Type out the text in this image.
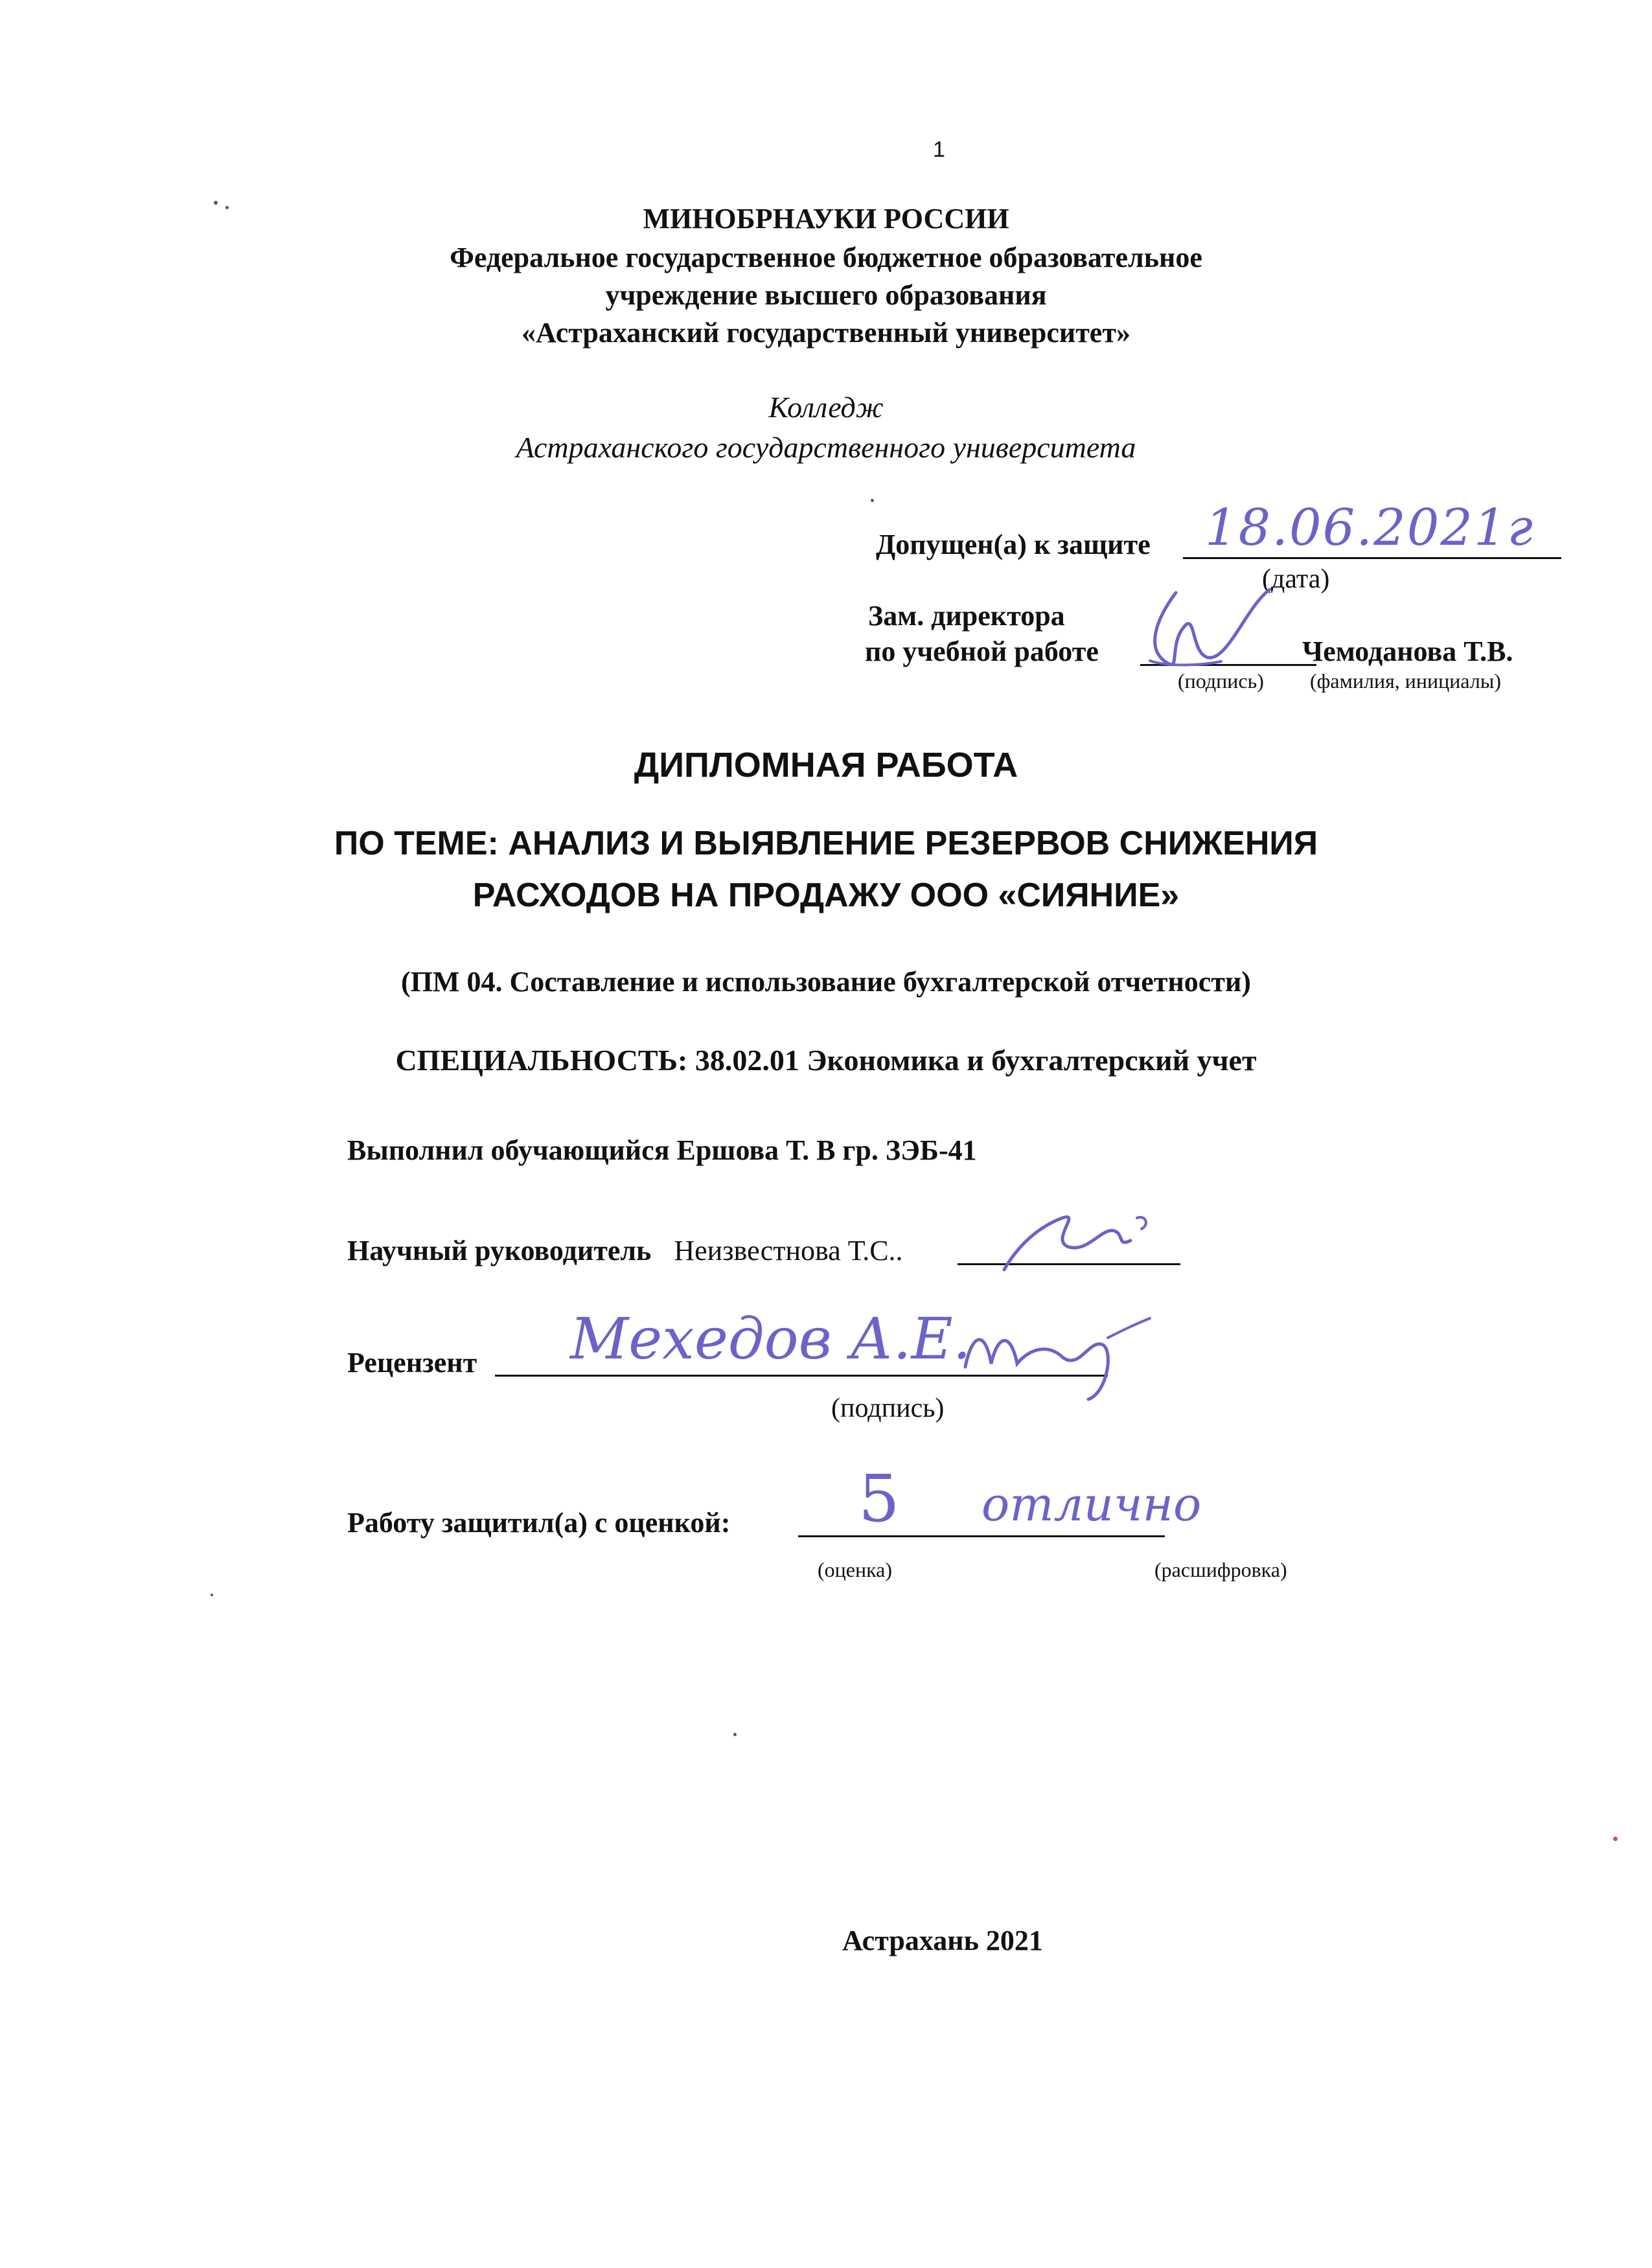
1
МИНОБРНАУКИ РОССИИ
Федеральное государственное бюджетное образовательное
учреждение высшего образования
«Астраханский государственный университет»
Колледж
Астраханского государственного университета
Допущен(а) к защите 18.06.2021г
(дата)
Зам. директора
по учебной работе	Чемоданова Т.В.
(подпись) (фамилия, инициалы)
ДИПЛОМНАЯ РАБОТА
ПО ТЕМЕ: АНАЛИЗ И ВЫЯВЛЕНИЕ РЕЗЕРВОВ СНИЖЕНИЯ
РАСХОДОВ НА ПРОДАЖУ ООО «СИЯНИЕ»
(ПМ 04. Составление и использование бухгалтерской отчетности)
СПЕЦИАЛЬНОСТЬ: 38.02.01 Экономика и бухгалтерский учет
Выполнил обучающийся Ершова Т. В гр. ЗЭБ-41
Научный руководитель Неизвестнова Т.С..
Рецензент Мехедов А.Е.
(подпись)
Работу защитил(а) с оценкой: 5 отлично
(оценка)	(расшифровка)
Астрахань 2021
